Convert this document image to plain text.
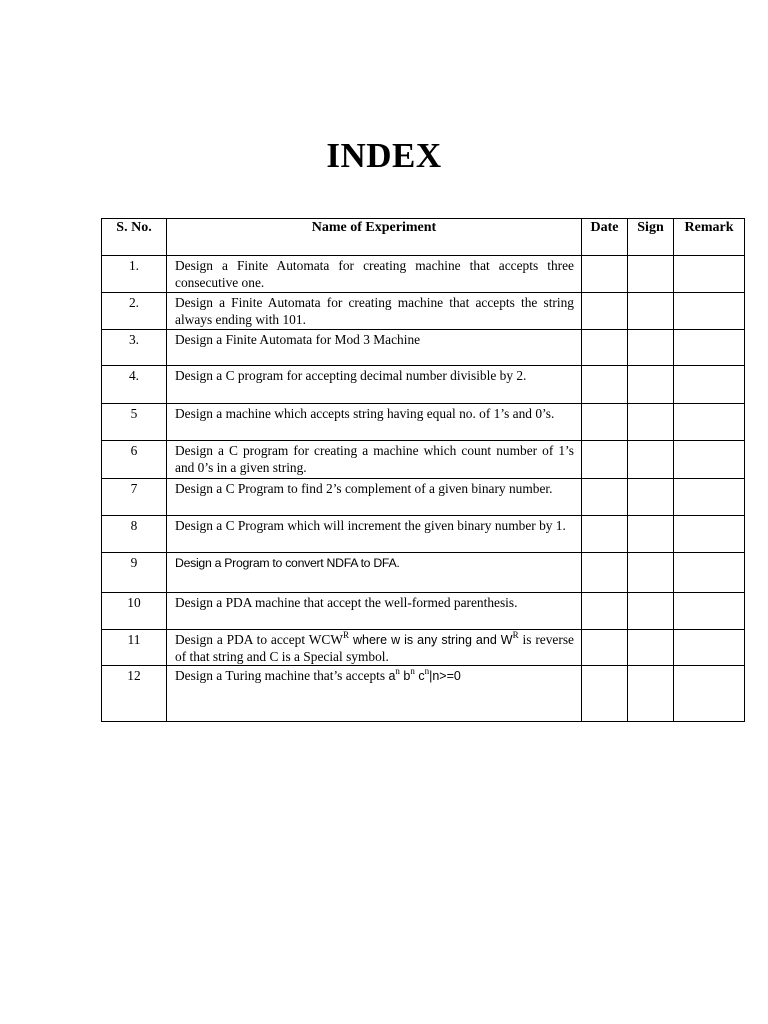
INDEX
S. No.	Name of Experiment	Date	Sign	Remark
1.	Design a Finite Automata for creating machine that accepts three consecutive one.			
2.	Design a Finite Automata for creating machine that accepts the string always ending with 101.			
3.	Design a Finite Automata for Mod 3 Machine			
4.	Design a C program for accepting decimal number divisible by 2.			
5	Design a machine which accepts string having equal no. of 1’s and 0’s.			
6	Design a C program for creating a machine which count number of 1’s and 0’s in a given string.			
7	Design a C Program to find 2’s complement of a given binary number.			
8	Design a C Program which will increment the given binary number by 1.			
9	Design a Program to convert NDFA to DFA.			
10	Design a PDA machine that accept the well-formed parenthesis.			
11	Design a PDA to accept $WCW^R$ where w is any string and $W^R$ is reverse of that string and C is a Special symbol.			
12	Design a Turing machine that’s accepts $a^n$ $b^n$ $c^n|n>=0$			
